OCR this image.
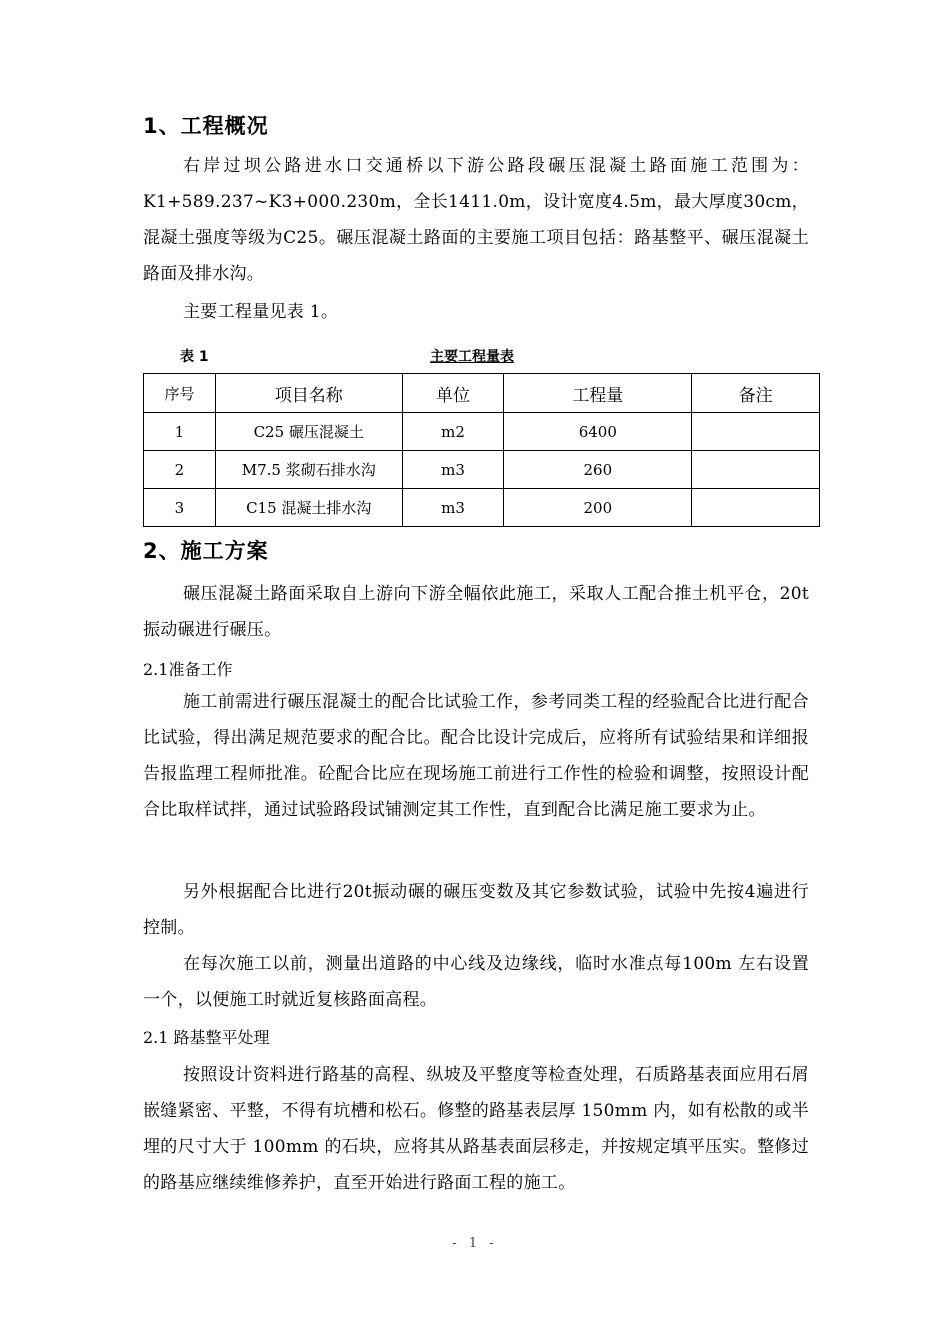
1、工程概况

右岸过坝公路进水口交通桥以下游公路段碾压混凝土路面施工范围为：K1+589.237~K3+000.230m，全长1411.0m，设计宽度4.5m，最大厚度30cm，混凝土强度等级为C25。碾压混凝土路面的主要施工项目包括：路基整平、碾压混凝土路面及排水沟。

主要工程量见表 1。

表 1	主要工程量表

序号	项目名称	单位	工程量	备注
1	C25 碾压混凝土	m2	6400	
2	M7.5 浆砌石排水沟	m3	260	
3	C15 混凝土排水沟	m3	200	
2、施工方案

碾压混凝土路面采取自上游向下游全幅依此施工，采取人工配合推土机平仓，20t振动碾进行碾压。

2.1准备工作

施工前需进行碾压混凝土的配合比试验工作，参考同类工程的经验配合比进行配合比试验，得出满足规范要求的配合比。配合比设计完成后，应将所有试验结果和详细报告报监理工程师批准。砼配合比应在现场施工前进行工作性的检验和调整，按照设计配合比取样试拌，通过试验路段试铺测定其工作性，直到配合比满足施工要求为止。

另外根据配合比进行20t振动碾的碾压变数及其它参数试验，试验中先按4遍进行控制。

在每次施工以前，测量出道路的中心线及边缘线，临时水准点每100m 左右设置一个，以便施工时就近复核路面高程。

2.1 路基整平处理

按照设计资料进行路基的高程、纵坡及平整度等检查处理，石质路基表面应用石屑嵌缝紧密、平整，不得有坑槽和松石。修整的路基表层厚 150mm 内，如有松散的或半埋的尺寸大于 100mm 的石块，应将其从路基表面层移走，并按规定填平压实。整修过的路基应继续维修养护，直至开始进行路面工程的施工。

- 1 -
